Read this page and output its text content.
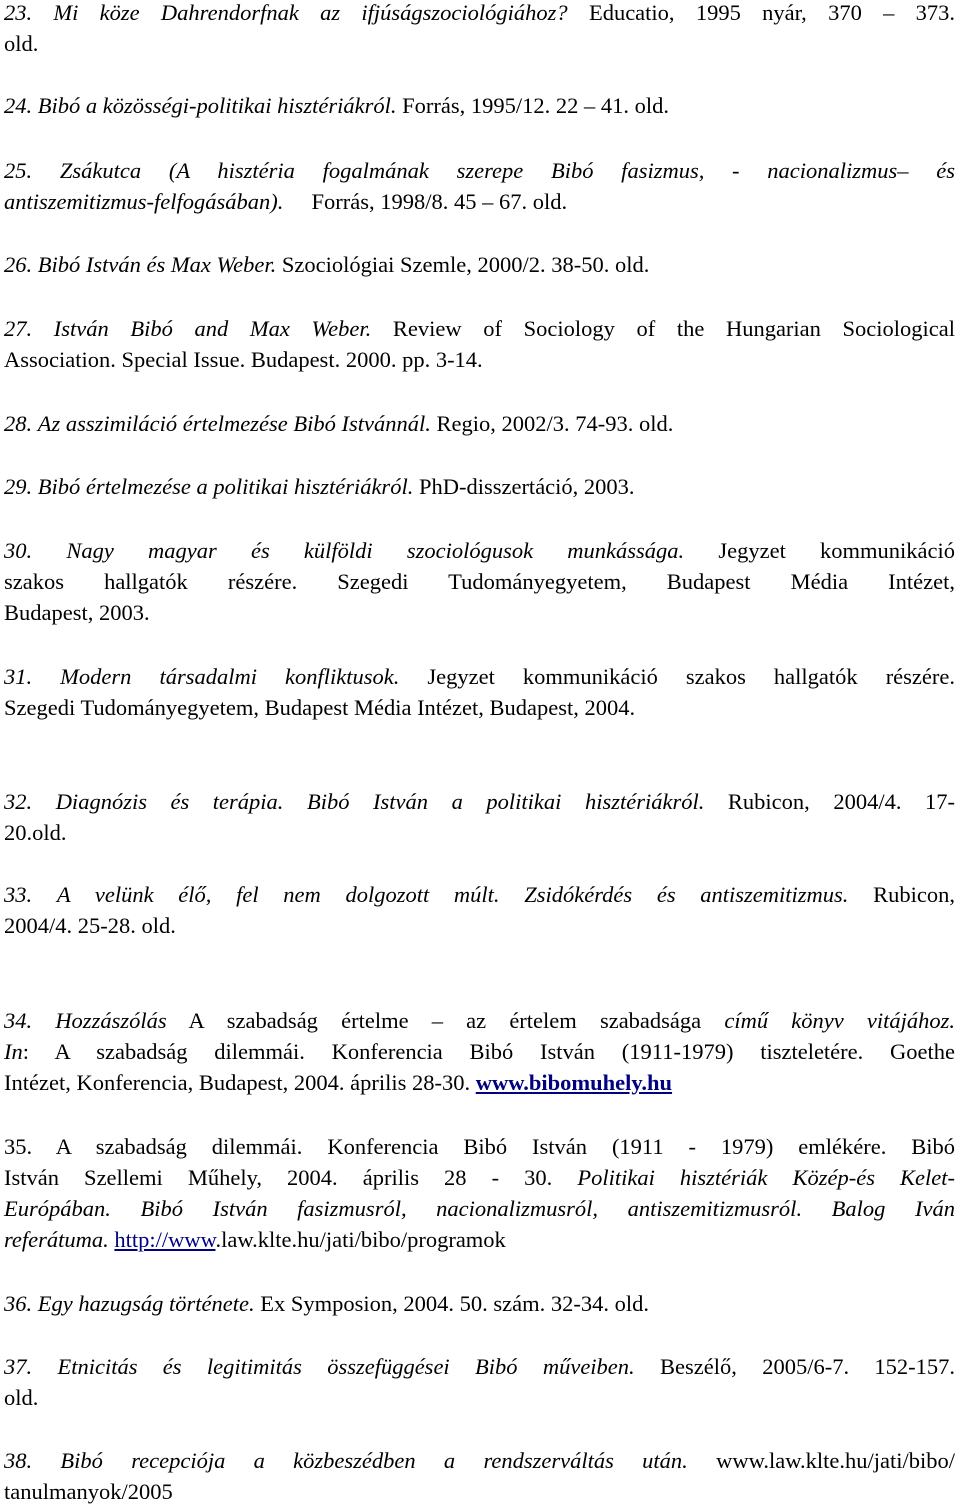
23. Mi köze Dahrendorfnak az ifjúságszociológiához? Educatio, 1995 nyár, 370 – 373.
old.
24. Bibó a közösségi-politikai hisztériákról. Forrás, 1995/12. 22 – 41. old.
25. Zsákutca (A hisztéria fogalmának szerepe Bibó fasizmus, - nacionalizmus– és
antiszemitizmus-felfogásában). Forrás, 1998/8. 45 – 67. old.
26. Bibó István és Max Weber. Szociológiai Szemle, 2000/2. 38-50. old.
27. István Bibó and Max Weber. Review of Sociology of the Hungarian Sociological
Association. Special Issue. Budapest. 2000. pp. 3-14.
28. Az asszimiláció értelmezése Bibó Istvánnál. Regio, 2002/3. 74-93. old.
29. Bibó értelmezése a politikai hisztériákról. PhD-disszertáció, 2003.
30. Nagy magyar és külföldi szociológusok munkássága. Jegyzet kommunikáció
szakos hallgatók részére. Szegedi Tudományegyetem, Budapest Média Intézet,
Budapest, 2003.
31. Modern társadalmi konfliktusok. Jegyzet kommunikáció szakos hallgatók részére.
Szegedi Tudományegyetem, Budapest Média Intézet, Budapest, 2004.
32. Diagnózis és terápia. Bibó István a politikai hisztériákról. Rubicon, 2004/4. 17-
20.old.
33. A velünk élő, fel nem dolgozott múlt. Zsidókérdés és antiszemitizmus. Rubicon,
2004/4. 25-28. old.
34. Hozzászólás A szabadság értelme – az értelem szabadsága című könyv vitájához.
In: A szabadság dilemmái. Konferencia Bibó István (1911-1979) tiszteletére. Goethe
Intézet, Konferencia, Budapest, 2004. április 28-30. www.bibomuhely.hu
35. A szabadság dilemmái. Konferencia Bibó István (1911 - 1979) emlékére. Bibó
István Szellemi Műhely, 2004. április 28 - 30. Politikai hisztériák Közép-és Kelet-
Európában. Bibó István fasizmusról, nacionalizmusról, antiszemitizmusról. Balog Iván
referátuma. http://www.law.klte.hu/jati/bibo/programok
36. Egy hazugság története. Ex Symposion, 2004. 50. szám. 32-34. old.
37. Etnicitás és legitimitás összefüggései Bibó műveiben. Beszélő, 2005/6-7. 152-157.
old.
38. Bibó recepciója a közbeszédben a rendszerváltás után. www.law.klte.hu/jati/bibo/
tanulmanyok/2005
